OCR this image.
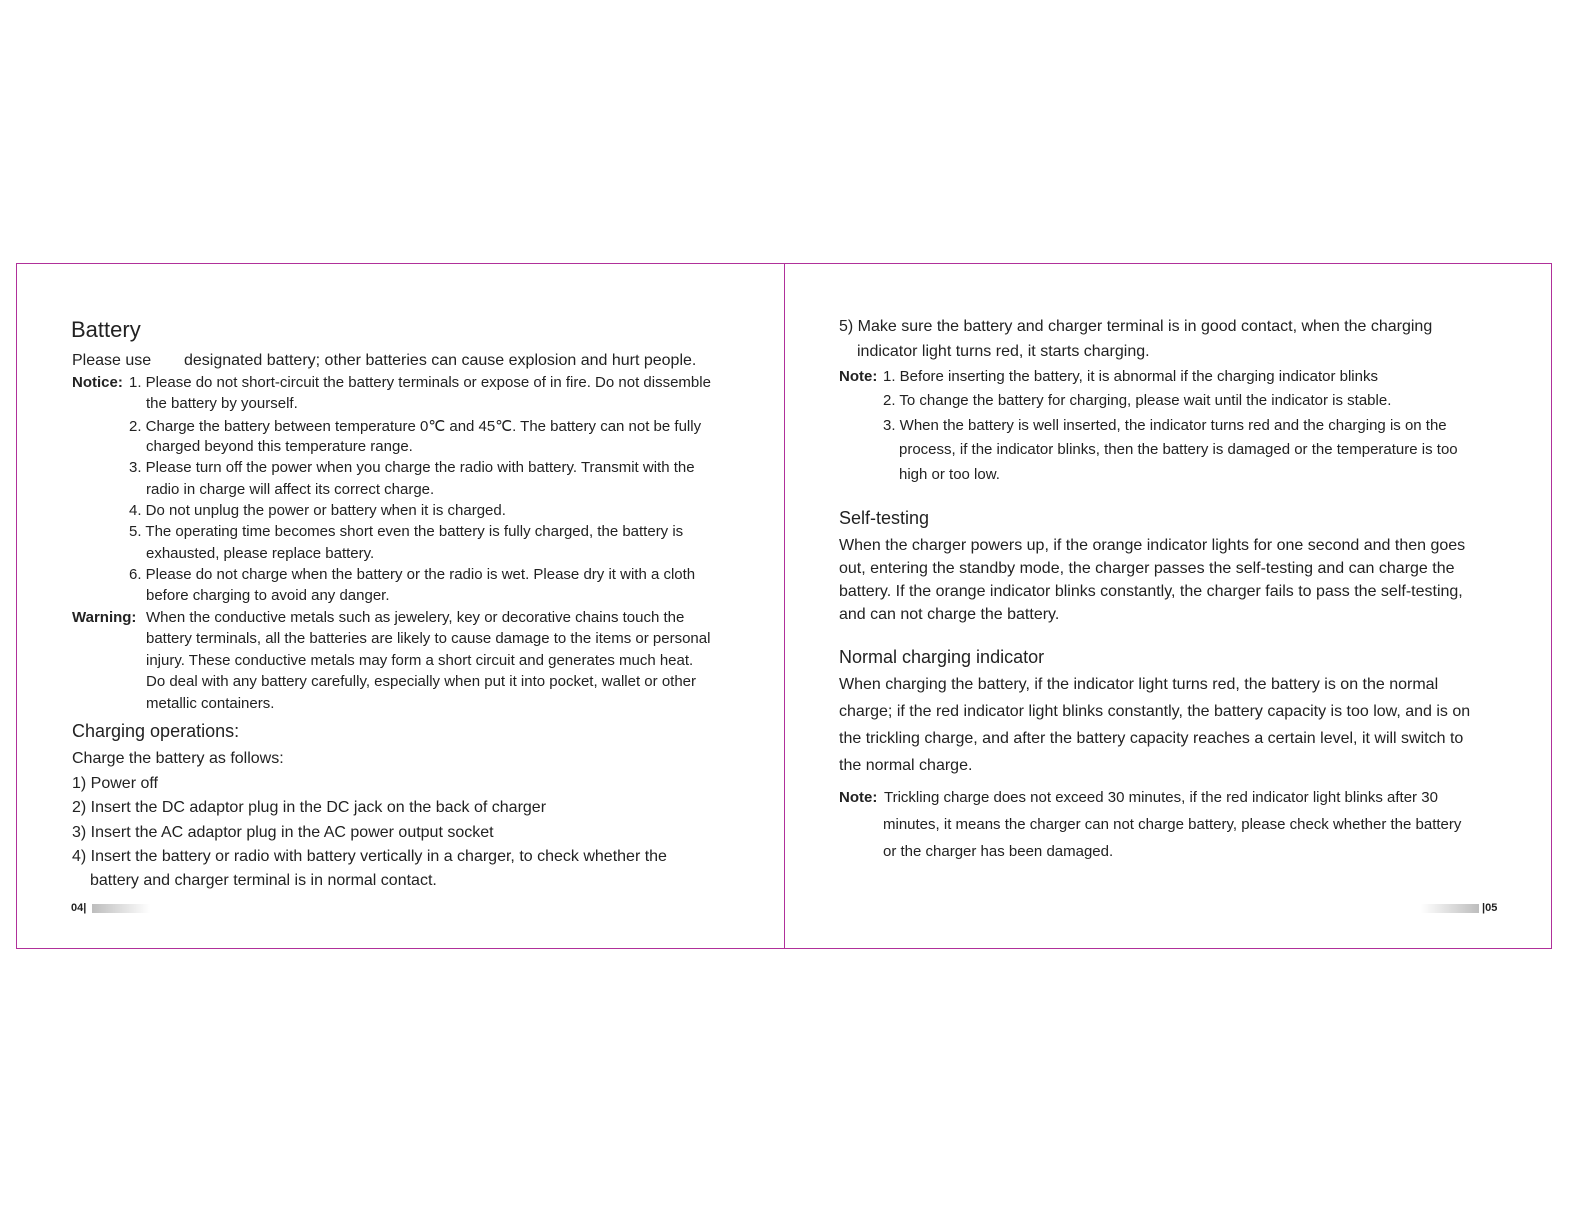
Battery
Please use designated battery; other batteries can cause explosion and hurt people.
Notice: 1. Please do not short-circuit the battery terminals or expose of in fire. Do not dissemble
the battery by yourself.
2. Charge the battery between temperature 0℃ and 45℃. The battery can not be fully
charged beyond this temperature range.
3. Please turn off the power when you charge the radio with battery. Transmit with the
radio in charge will affect its correct charge.
4. Do not unplug the power or battery when it is charged.
5. The operating time becomes short even the battery is fully charged, the battery is
exhausted, please replace battery.
6. Please do not charge when the battery or the radio is wet. Please dry it with a cloth
before charging to avoid any danger.
Warning: When the conductive metals such as jewelery, key or decorative chains touch the
battery terminals, all the batteries are likely to cause damage to the items or personal
injury. These conductive metals may form a short circuit and generates much heat.
Do deal with any battery carefully, especially when put it into pocket, wallet or other
metallic containers.
Charging operations:
Charge the battery as follows:
1) Power off
2) Insert the DC adaptor plug in the DC jack on the back of charger
3) Insert the AC adaptor plug in the AC power output socket
4) Insert the battery or radio with battery vertically in a charger, to check whether the
battery and charger terminal is in normal contact.
04|
5) Make sure the battery and charger terminal is in good contact, when the charging
indicator light turns red, it starts charging.
Note: 1. Before inserting the battery, it is abnormal if the charging indicator blinks
2. To change the battery for charging, please wait until the indicator is stable.
3. When the battery is well inserted, the indicator turns red and the charging is on the
process, if the indicator blinks, then the battery is damaged or the temperature is too
high or too low.
Self-testing
When the charger powers up, if the orange indicator lights for one second and then goes
out, entering the standby mode, the charger passes the self-testing and can charge the
battery. If the orange indicator blinks constantly, the charger fails to pass the self-testing,
and can not charge the battery.
Normal charging indicator
When charging the battery, if the indicator light turns red, the battery is on the normal
charge; if the red indicator light blinks constantly, the battery capacity is too low, and is on
the trickling charge, and after the battery capacity reaches a certain level, it will switch to
the normal charge.
Note: Trickling charge does not exceed 30 minutes, if the red indicator light blinks after 30
minutes, it means the charger can not charge battery, please check whether the battery
or the charger has been damaged.
|05
